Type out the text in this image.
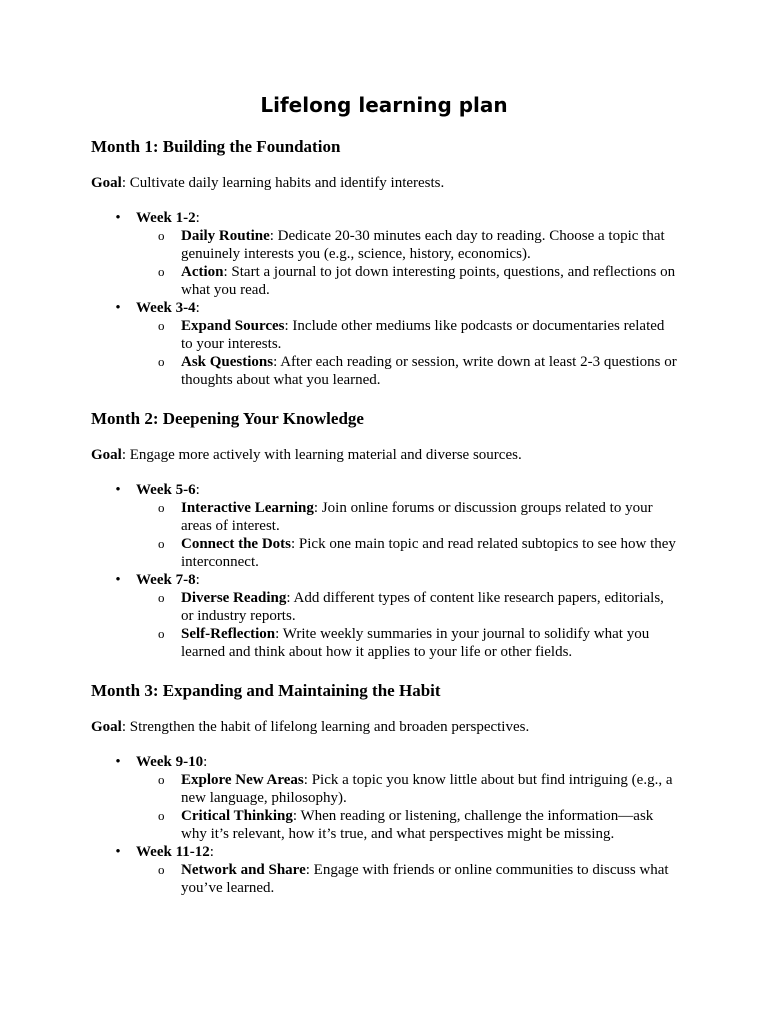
Lifelong learning plan
Month 1: Building the Foundation

Goal: Cultivate daily learning habits and identify interests.

• Week 1-2:
o Daily Routine: Dedicate 20-30 minutes each day to reading. Choose a topic that genuinely interests you (e.g., science, history, economics).
o Action: Start a journal to jot down interesting points, questions, and reflections on what you read.
• Week 3-4:
o Expand Sources: Include other mediums like podcasts or documentaries related to your interests.
o Ask Questions: After each reading or session, write down at least 2-3 questions or thoughts about what you learned.
Month 2: Deepening Your Knowledge

Goal: Engage more actively with learning material and diverse sources.

• Week 5-6:
o Interactive Learning: Join online forums or discussion groups related to your areas of interest.
o Connect the Dots: Pick one main topic and read related subtopics to see how they interconnect.
• Week 7-8:
o Diverse Reading: Add different types of content like research papers, editorials, or industry reports.
o Self-Reflection: Write weekly summaries in your journal to solidify what you learned and think about how it applies to your life or other fields.
Month 3: Expanding and Maintaining the Habit

Goal: Strengthen the habit of lifelong learning and broaden perspectives.

• Week 9-10:
o Explore New Areas: Pick a topic you know little about but find intriguing (e.g., a new language, philosophy).
o Critical Thinking: When reading or listening, challenge the information—ask why it’s relevant, how it’s true, and what perspectives might be missing.
• Week 11-12:
o Network and Share: Engage with friends or online communities to discuss what you’ve learned.
